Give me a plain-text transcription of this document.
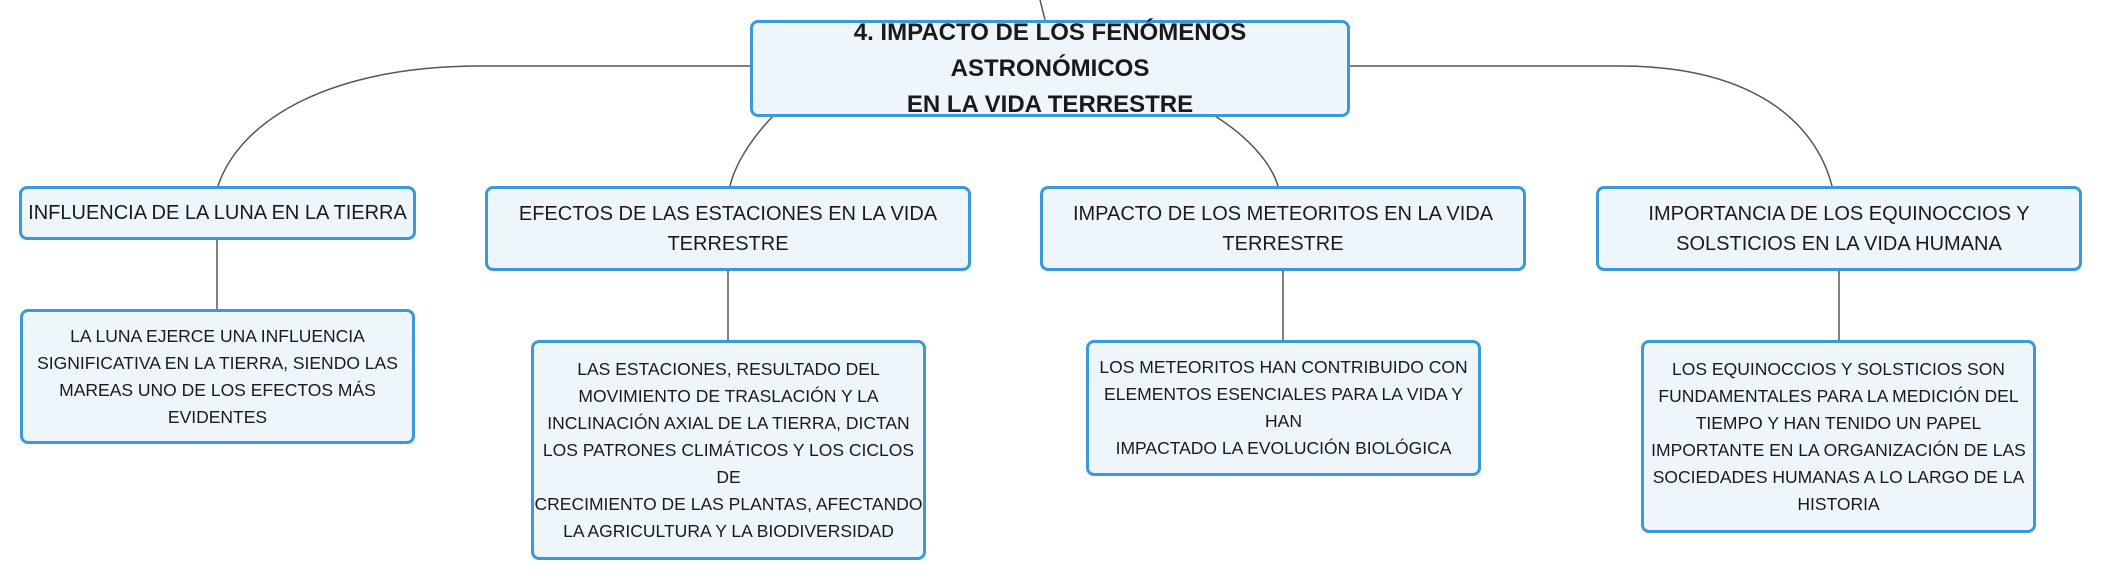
4. IMPACTO DE LOS FENÓMENOS ASTRONÓMICOS
EN LA VIDA TERRESTRE
INFLUENCIA DE LA LUNA EN LA TIERRA	EFECTOS DE LAS ESTACIONES EN LA VIDA
TERRESTRE
IMPACTO DE LOS METEORITOS EN LA VIDA
TERRESTRE
IMPORTANCIA DE LOS EQUINOCCIOS Y
SOLSTICIOS EN LA VIDA HUMANA
LA LUNA EJERCE UNA INFLUENCIA
SIGNIFICATIVA EN LA TIERRA, SIENDO LAS
MAREAS UNO DE LOS EFECTOS MÁS
EVIDENTES
LAS ESTACIONES, RESULTADO DEL
MOVIMIENTO DE TRASLACIÓN Y LA
INCLINACIÓN AXIAL DE LA TIERRA, DICTAN
LOS PATRONES CLIMÁTICOS Y LOS CICLOS DE
CRECIMIENTO DE LAS PLANTAS, AFECTANDO
LA AGRICULTURA Y LA BIODIVERSIDAD
LOS METEORITOS HAN CONTRIBUIDO CON
ELEMENTOS ESENCIALES PARA LA VIDA Y HAN
IMPACTADO LA EVOLUCIÓN BIOLÓGICA
LOS EQUINOCCIOS Y SOLSTICIOS SON
FUNDAMENTALES PARA LA MEDICIÓN DEL
TIEMPO Y HAN TENIDO UN PAPEL
IMPORTANTE EN LA ORGANIZACIÓN DE LAS
SOCIEDADES HUMANAS A LO LARGO DE LA
HISTORIA
